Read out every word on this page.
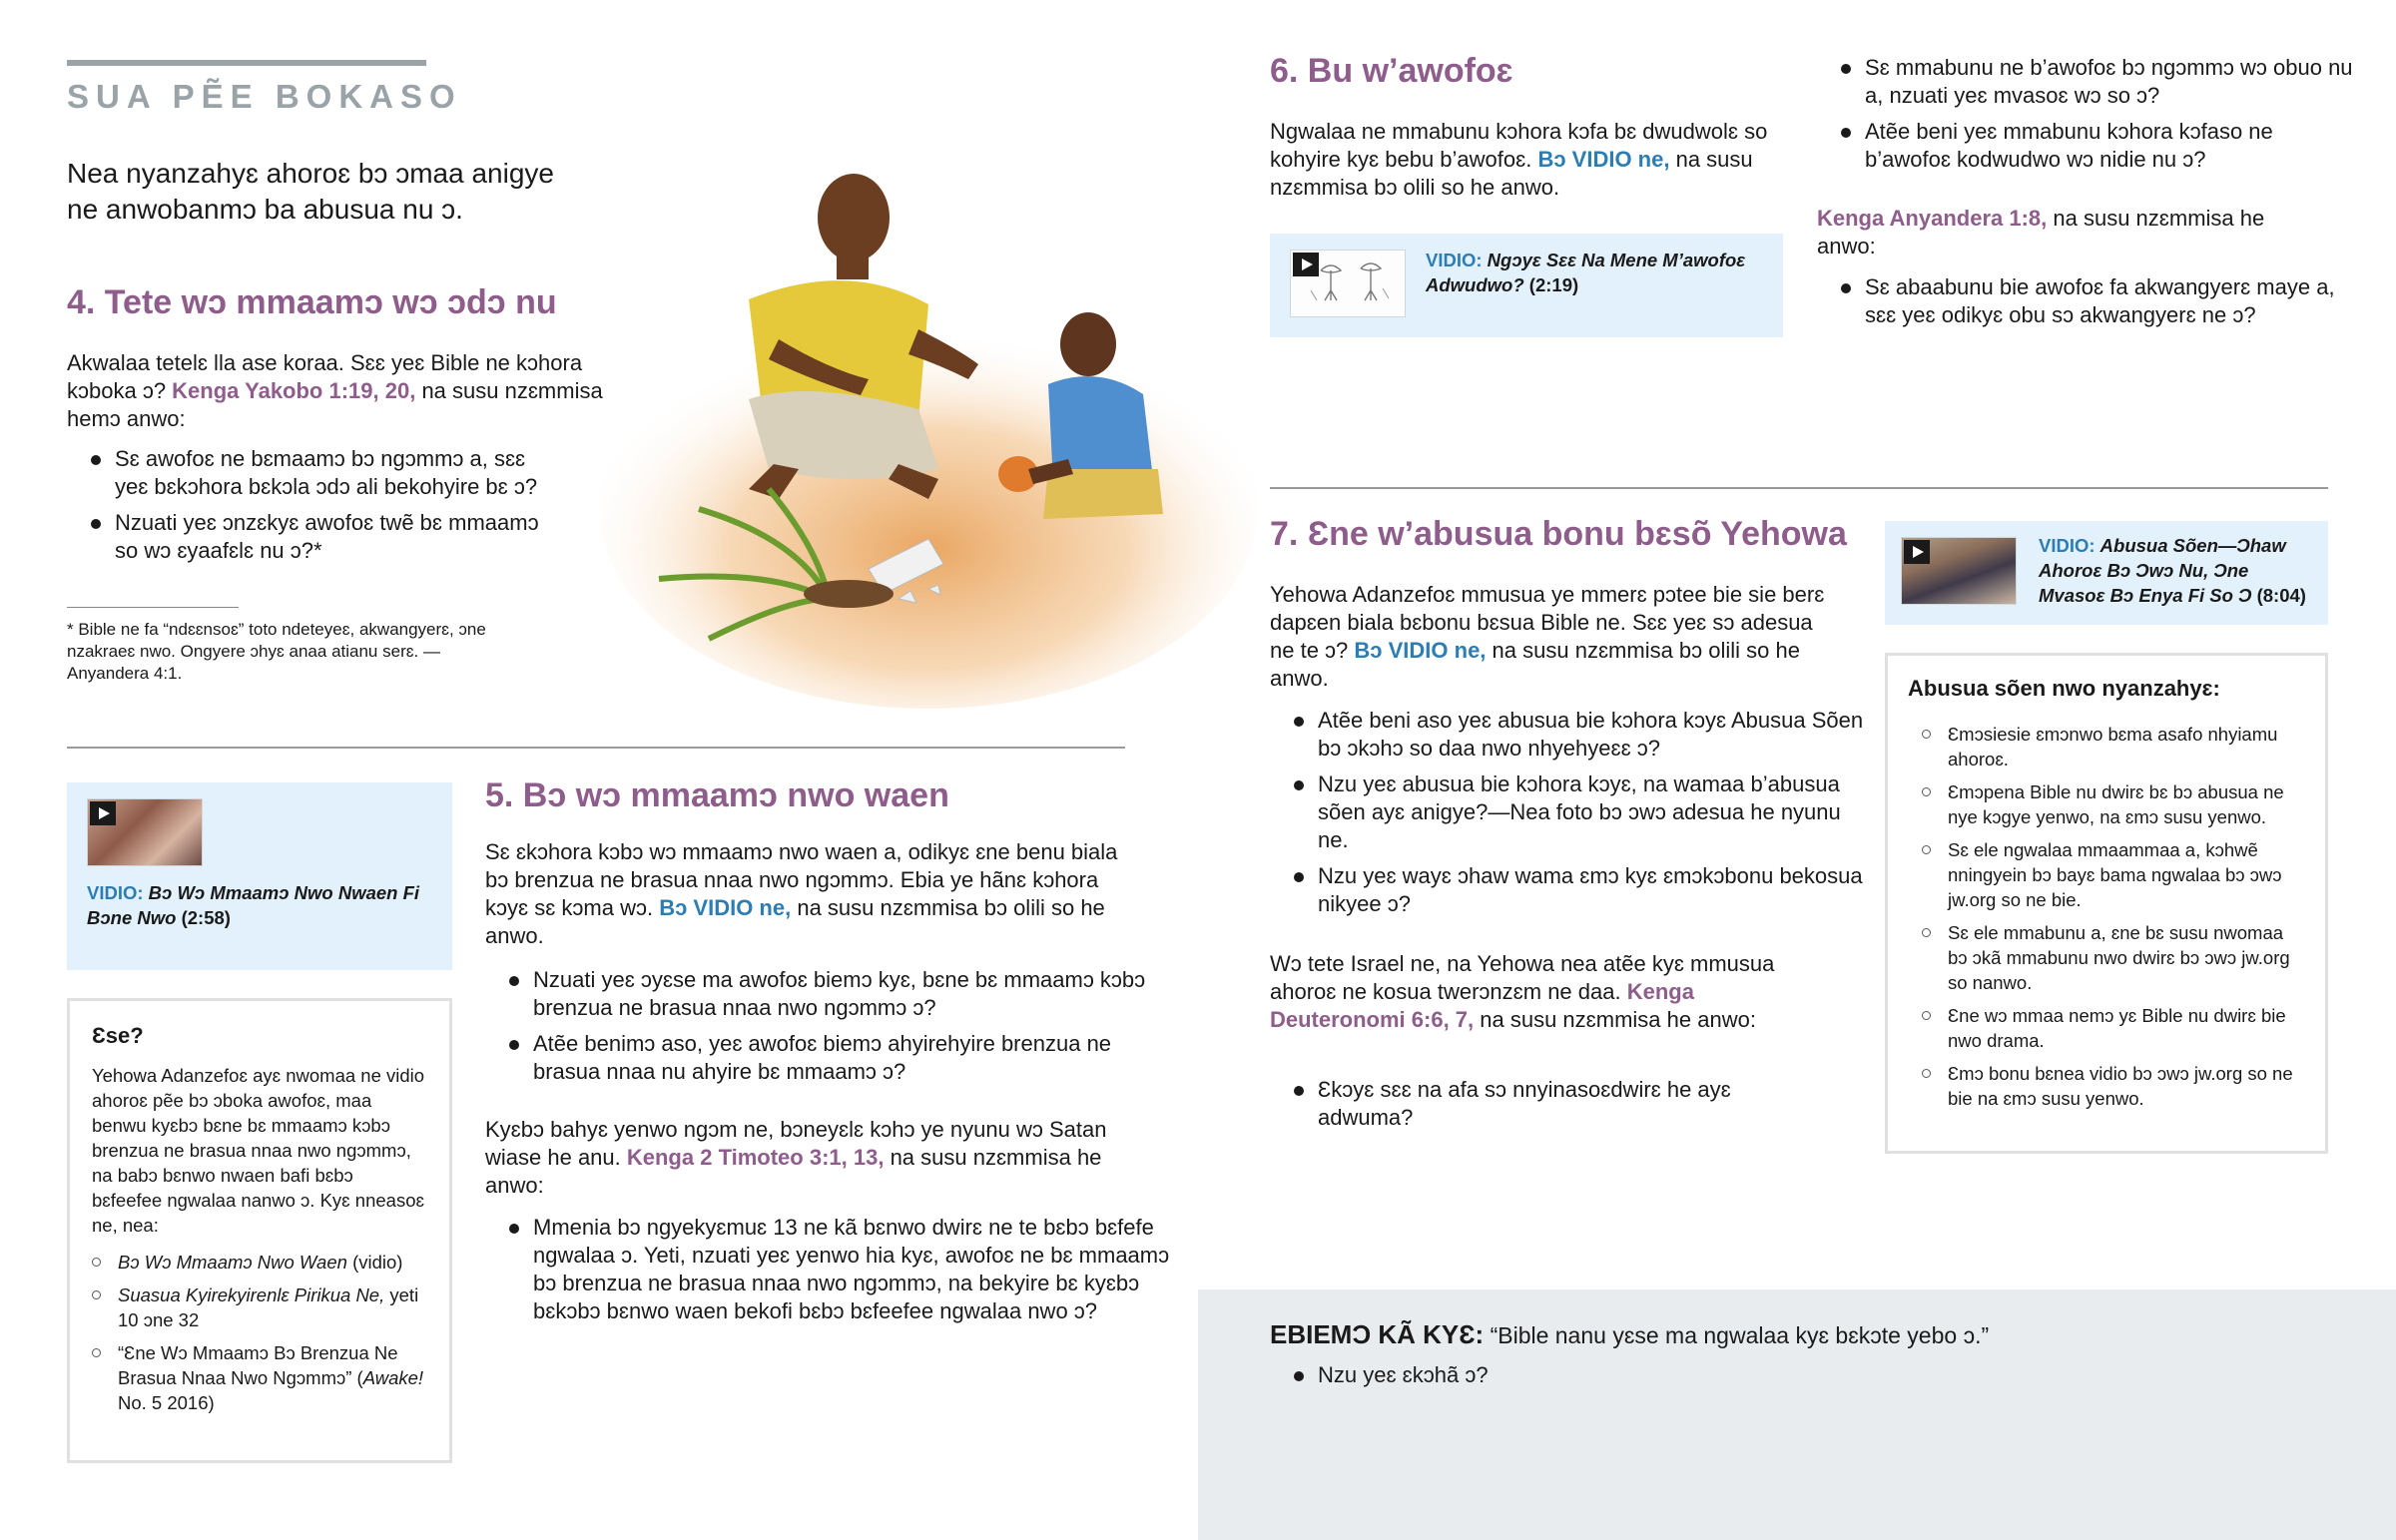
SUA PẼE BOKASO

Nea nyanzahyɛ ahoroɛ bɔ ɔmaa anigye ne anwobanmɔ ba abusua nu ɔ.

4. Tete wɔ mmaamɔ wɔ ɔdɔ nu

Akwalaa tetelɛ lla ase koraa. Sɛɛ yeɛ Bible ne kɔhora kɔboka ɔ? Kenga Yakobo 1:19, 20, na susu nzɛmmisa hemɔ anwo:

Sɛ awofoɛ ne bɛmaamɔ bɔ ngɔmmɔ a, sɛɛ yeɛ bɛkɔhora bɛkɔla ɔdɔ ali bekohyire bɛ ɔ?
Nzuati yeɛ ɔnzɛkyɛ awofoɛ twẽ bɛ mmaamɔ so wɔ ɛyaafɛlɛ nu ɔ?*

* Bible ne fa “ndɛɛnsoɛ” toto ndeteyeɛ, akwangyerɛ, ɔne nzakraeɛ nwo. Ongyere ɔhyɛ anaa atianu serɛ. —Anyandera 4:1.

VIDIO: Bɔ Wɔ Mmaamɔ Nwo Nwaen Fi Bɔne Nwo (2:58)

Ɛse?

Yehowa Adanzefoɛ ayɛ nwomaa ne vidio ahoroɛ pẽe bɔ ɔboka awofoɛ, maa benwu kyɛbɔ bɛne bɛ mmaamɔ kɔbɔ brenzua ne brasua nnaa nwo ngɔmmɔ, na babɔ bɛnwo nwaen bafi bɛbɔ bɛfeefee ngwalaa nanwo ɔ. Kyɛ nneasoɛ ne, nea:

Bɔ Wɔ Mmaamɔ Nwo Waen (vidio)
Suasua Kyirekyirenlɛ Pirikua Ne, yeti 10 ɔne 32
“Ɛne Wɔ Mmaamɔ Bɔ Brenzua Ne Brasua Nnaa Nwo Ngɔmmɔ” (Awake! No. 5 2016)
5. Bɔ wɔ mmaamɔ nwo waen

Sɛ ɛkɔhora kɔbɔ wɔ mmaamɔ nwo waen a, odikyɛ ɛne benu biala bɔ brenzua ne brasua nnaa nwo ngɔmmɔ. Ebia ye hãnɛ kɔhora kɔyɛ sɛ kɔma wɔ. Bɔ VIDIO ne, na susu nzɛmmisa bɔ olili so he anwo.

Nzuati yeɛ ɔyɛse ma awofoɛ biemɔ kyɛ, bɛne bɛ mmaamɔ kɔbɔ brenzua ne brasua nnaa nwo ngɔmmɔ ɔ?
Atẽe benimɔ aso, yeɛ awofoɛ biemɔ ahyirehyire brenzua ne brasua nnaa nu ahyire bɛ mmaamɔ ɔ?

Kyɛbɔ bahyɛ yenwo ngɔm ne, bɔneyɛlɛ kɔhɔ ye nyunu wɔ Satan wiase he anu. Kenga 2 Timoteo 3:1, 13, na susu nzɛmmisa he anwo:

Mmenia bɔ ngyekyɛmuɛ 13 ne kã bɛnwo dwirɛ ne te bɛbɔ bɛfefe ngwalaa ɔ. Yeti, nzuati yeɛ yenwo hia kyɛ, awofoɛ ne bɛ mmaamɔ bɔ brenzua ne brasua nnaa nwo ngɔmmɔ, na bekyire bɛ kyɛbɔ bɛkɔbɔ bɛnwo waen bekofi bɛbɔ bɛfeefee ngwalaa nwo ɔ?
6. Bu w’awofoɛ

Ngwalaa ne mmabunu kɔhora kɔfa bɛ dwudwolɛ so kohyire kyɛ bebu b’awofoɛ. Bɔ VIDIO ne, na susu nzɛmmisa bɔ olili so he anwo.

VIDIO: Ngɔyɛ Sɛɛ Na Mene M’awofoɛ Adwudwo? (2:19)

Sɛ mmabunu ne b’awofoɛ bɔ ngɔmmɔ wɔ obuo nu a, nzuati yeɛ mvasoɛ wɔ so ɔ?
Atẽe beni yeɛ mmabunu kɔhora kɔfaso ne b’awofoɛ kodwudwo wɔ nidie nu ɔ?

Kenga Anyandera 1:8, na susu nzɛmmisa he anwo:

Sɛ abaabunu bie awofoɛ fa akwangyerɛ maye a, sɛɛ yeɛ odikyɛ obu sɔ akwangyerɛ ne ɔ?
7. Ɛne w’abusua bonu bɛsõ Yehowa

Yehowa Adanzefoɛ mmusua ye mmerɛ pɔtee bie sie berɛ dapɛen biala bɛbonu bɛsua Bible ne. Sɛɛ yeɛ sɔ adesua ne te ɔ? Bɔ VIDIO ne, na susu nzɛmmisa bɔ olili so he anwo.

Atẽe beni aso yeɛ abusua bie kɔhora kɔyɛ Abusua Sõen bɔ ɔkɔhɔ so daa nwo nhyehyeɛɛ ɔ?
Nzu yeɛ abusua bie kɔhora kɔyɛ, na wamaa b’abusua sõen ayɛ anigye?—Nea foto bɔ ɔwɔ adesua he nyunu ne.
Nzu yeɛ wayɛ ɔhaw wama ɛmɔ kyɛ ɛmɔkɔbonu bekosua nikyee ɔ?

Wɔ tete Israel ne, na Yehowa nea atẽe kyɛ mmusua ahoroɛ ne kosua twerɔnzɛm ne daa. Kenga Deuteronomi 6:6, 7, na susu nzɛmmisa he anwo:

Ɛkɔyɛ sɛɛ na afa sɔ nnyinasoɛdwirɛ he ayɛ adwuma?

VIDIO: Abusua Sõen—Ɔhaw Ahoroɛ Bɔ Ɔwɔ Nu, Ɔne Mvasoɛ Bɔ Enya Fi So Ɔ (8:04)

Abusua sõen nwo nyanzahyɛ:
Ɛmɔsiesie ɛmɔnwo bɛma asafo nhyiamu ahoroɛ.
Ɛmɔpena Bible nu dwirɛ bɛ bɔ abusua ne nye kɔgye yenwo, na ɛmɔ susu yenwo.
Sɛ ele ngwalaa mmaammaa a, kɔhwẽ nningyein bɔ bayɛ bama ngwalaa bɔ ɔwɔ jw.org so ne bie.
Sɛ ele mmabunu a, ɛne bɛ susu nwomaa bɔ ɔkã mmabunu nwo dwirɛ bɔ ɔwɔ jw.org so nanwo.
Ɛne wɔ mmaa nemɔ yɛ Bible nu dwirɛ bie nwo drama.
Ɛmɔ bonu bɛnea vidio bɔ ɔwɔ jw.org so ne bie na ɛmɔ susu yenwo.

EBIEMƆ KÃ KYƐ: “Bible nanu yɛse ma ngwalaa kyɛ bɛkɔte yebo ɔ.”

Nzu yeɛ ɛkɔhã ɔ?
